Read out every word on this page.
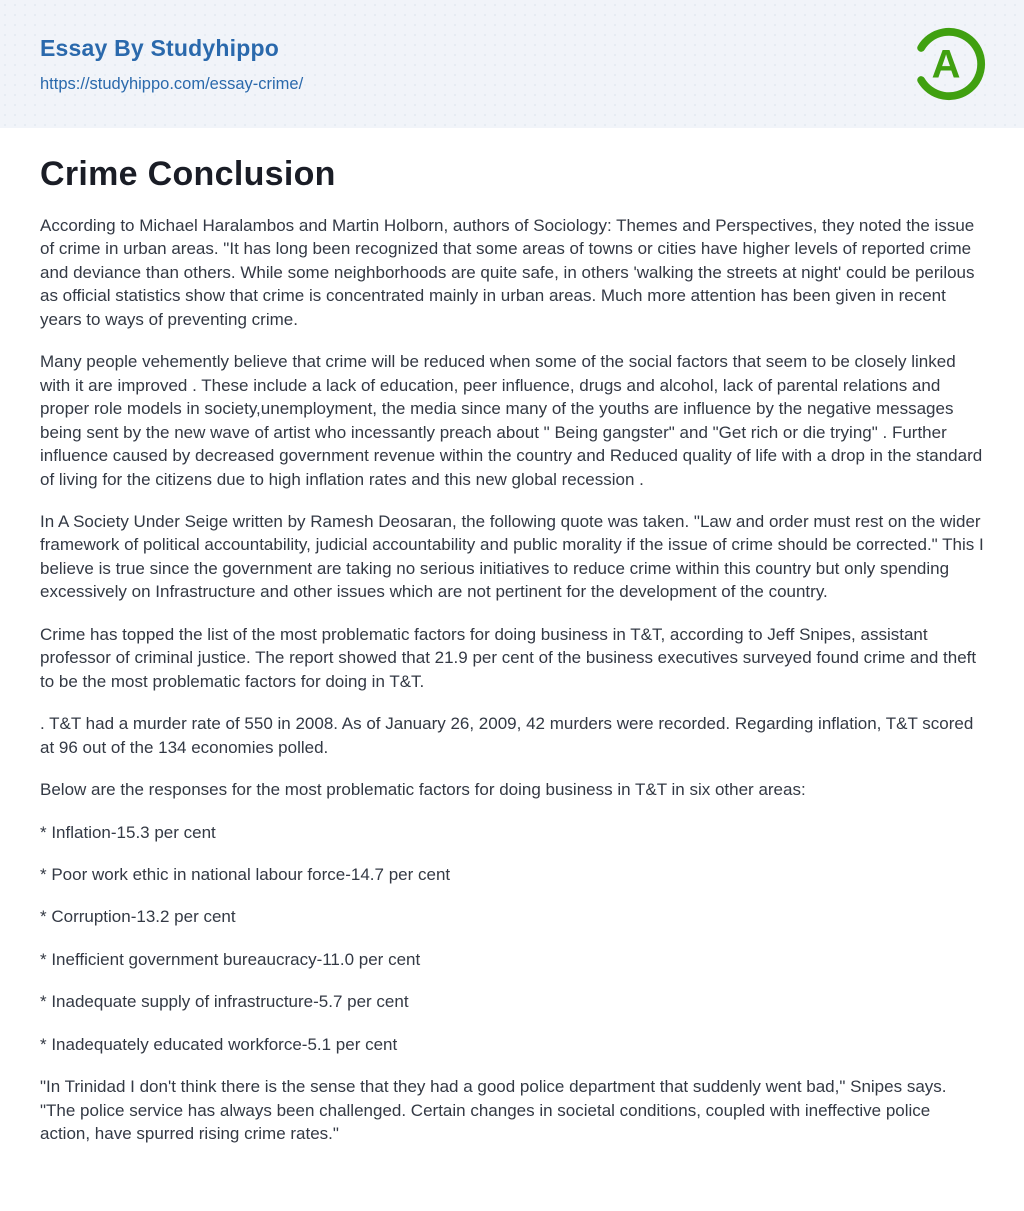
Essay By Studyhippo
https://studyhippo.com/essay-crime/	A
Crime Conclusion

According to Michael Haralambos and Martin Holborn, authors of Sociology: Themes and Perspectives, they noted the issue of crime in urban areas. "It has long been recognized that some areas of towns or cities have higher levels of reported crime and deviance than others. While some neighborhoods are quite safe, in others 'walking the streets at night' could be perilous as official statistics show that crime is concentrated mainly in urban areas. Much more attention has been given in recent years to ways of preventing crime.

Many people vehemently believe that crime will be reduced when some of the social factors that seem to be closely linked with it are improved . These include a lack of education, peer influence, drugs and alcohol, lack of parental relations and proper role models in society,unemployment, the media since many of the youths are influence by the negative messages being sent by the new wave of artist who incessantly preach about " Being gangster" and "Get rich or die trying" . Further influence caused by decreased government revenue within the country and Reduced quality of life with a drop in the standard of living for the citizens due to high inflation rates and this new global recession .

In A Society Under Seige written by Ramesh Deosaran, the following quote was taken. "Law and order must rest on the wider framework of political accountability, judicial accountability and public morality if the issue of crime should be corrected." This I believe is true since the government are taking no serious initiatives to reduce crime within this country but only spending excessively on Infrastructure and other issues which are not pertinent for the development of the country.

Crime has topped the list of the most problematic factors for doing business in T&T, according to Jeff Snipes, assistant professor of criminal justice. The report showed that 21.9 per cent of the business executives surveyed found crime and theft to be the most problematic factors for doing in T&T.

. T&T had a murder rate of 550 in 2008. As of January 26, 2009, 42 murders were recorded. Regarding inflation, T&T scored at 96 out of the 134 economies polled.

Below are the responses for the most problematic factors for doing business in T&T in six other areas:

* Inflation-15.3 per cent

* Poor work ethic in national labour force-14.7 per cent

* Corruption-13.2 per cent

* Inefficient government bureaucracy-11.0 per cent

* Inadequate supply of infrastructure-5.7 per cent

* Inadequately educated workforce-5.1 per cent

"In Trinidad I don't think there is the sense that they had a good police department that suddenly went bad," Snipes says. "The police service has always been challenged. Certain changes in societal conditions, coupled with ineffective police action, have spurred rising crime rates."
